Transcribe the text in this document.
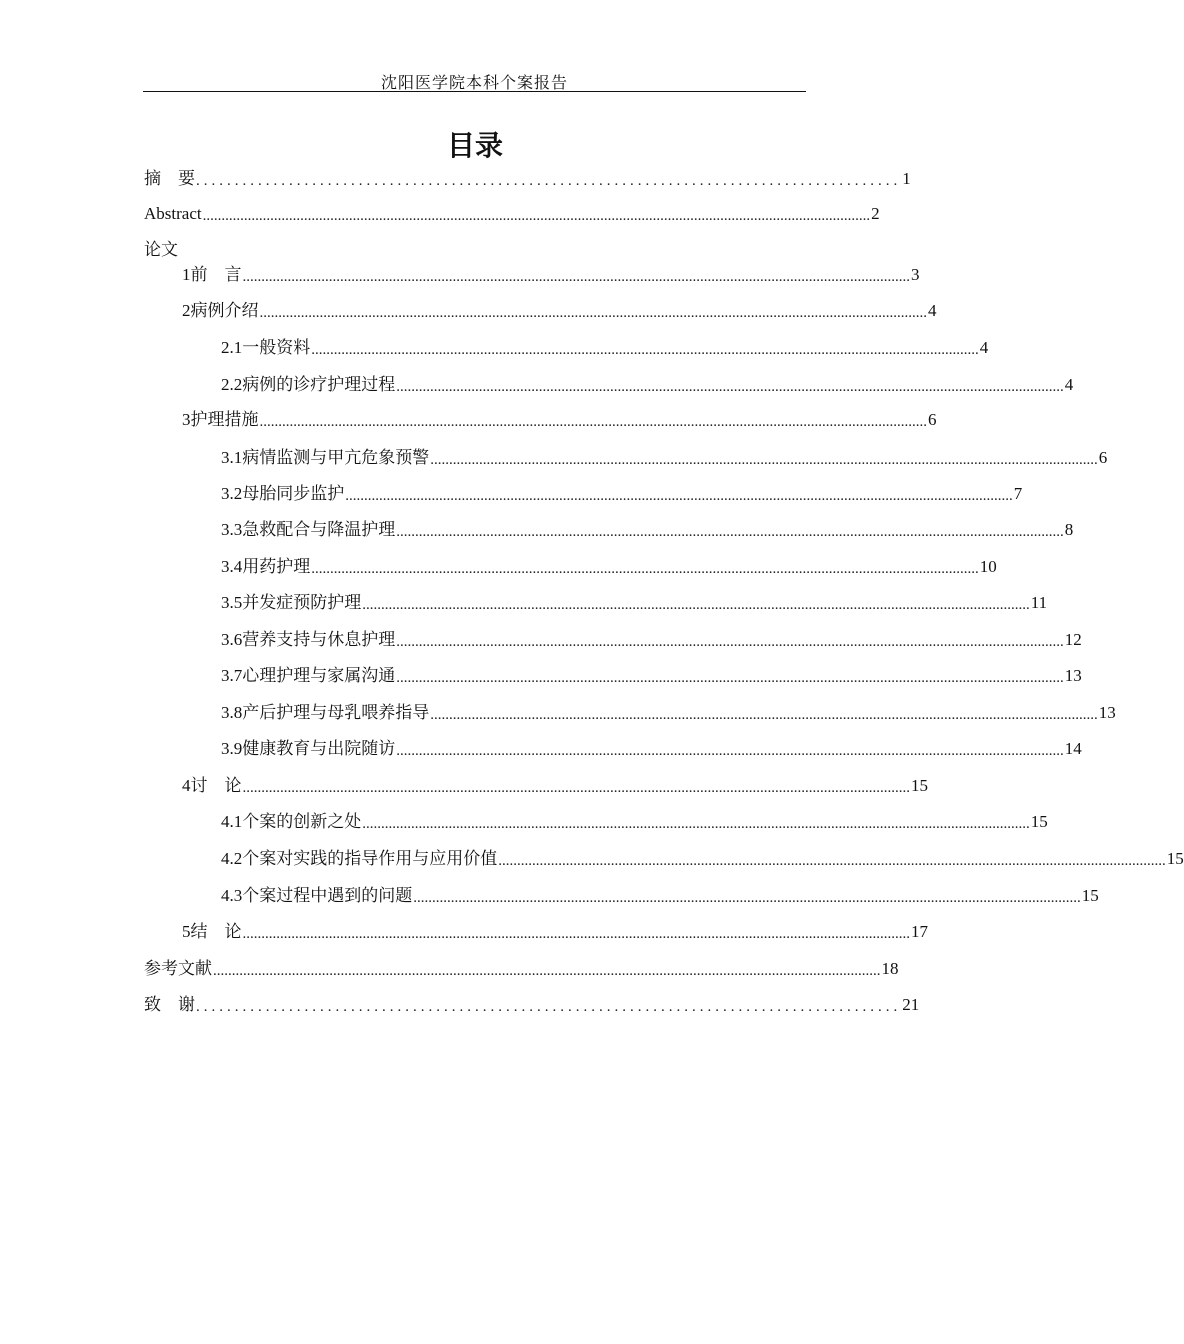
沈阳医学院本科个案报告
目录
论文
摘　要 ........................................................................................... 1
Abstract .................................................................................................................................................................................. 2
1 前　言 .................................................................................................................................................................................. 3
2 病例介绍 .................................................................................................................................................................................. 4
2.1 一般资料 .................................................................................................................................................................................. 4
2.2 病例的诊疗护理过程 .................................................................................................................................................................................. 4
3 护理措施 .................................................................................................................................................................................. 6
3.1 病情监测与甲亢危象预警 .................................................................................................................................................................................. 6
3.2 母胎同步监护 .................................................................................................................................................................................. 7
3.3 急救配合与降温护理 .................................................................................................................................................................................. 8
3.4 用药护理 .................................................................................................................................................................................. 10
3.5 并发症预防护理 .................................................................................................................................................................................. 11
3.6 营养支持与休息护理 .................................................................................................................................................................................. 12
3.7 心理护理与家属沟通 .................................................................................................................................................................................. 13
3.8 产后护理与母乳喂养指导 .................................................................................................................................................................................. 13
3.9 健康教育与出院随访 .................................................................................................................................................................................. 14
4 讨　论 .................................................................................................................................................................................. 15
4.1 个案的创新之处 .................................................................................................................................................................................. 15
4.2 个案对实践的指导作用与应用价值 .................................................................................................................................................................................. 15
4.3 个案过程中遇到的问题 .................................................................................................................................................................................. 15
5 结　论 .................................................................................................................................................................................. 17
参考文献 .................................................................................................................................................................................. 18
致　谢 ........................................................................................... 21
